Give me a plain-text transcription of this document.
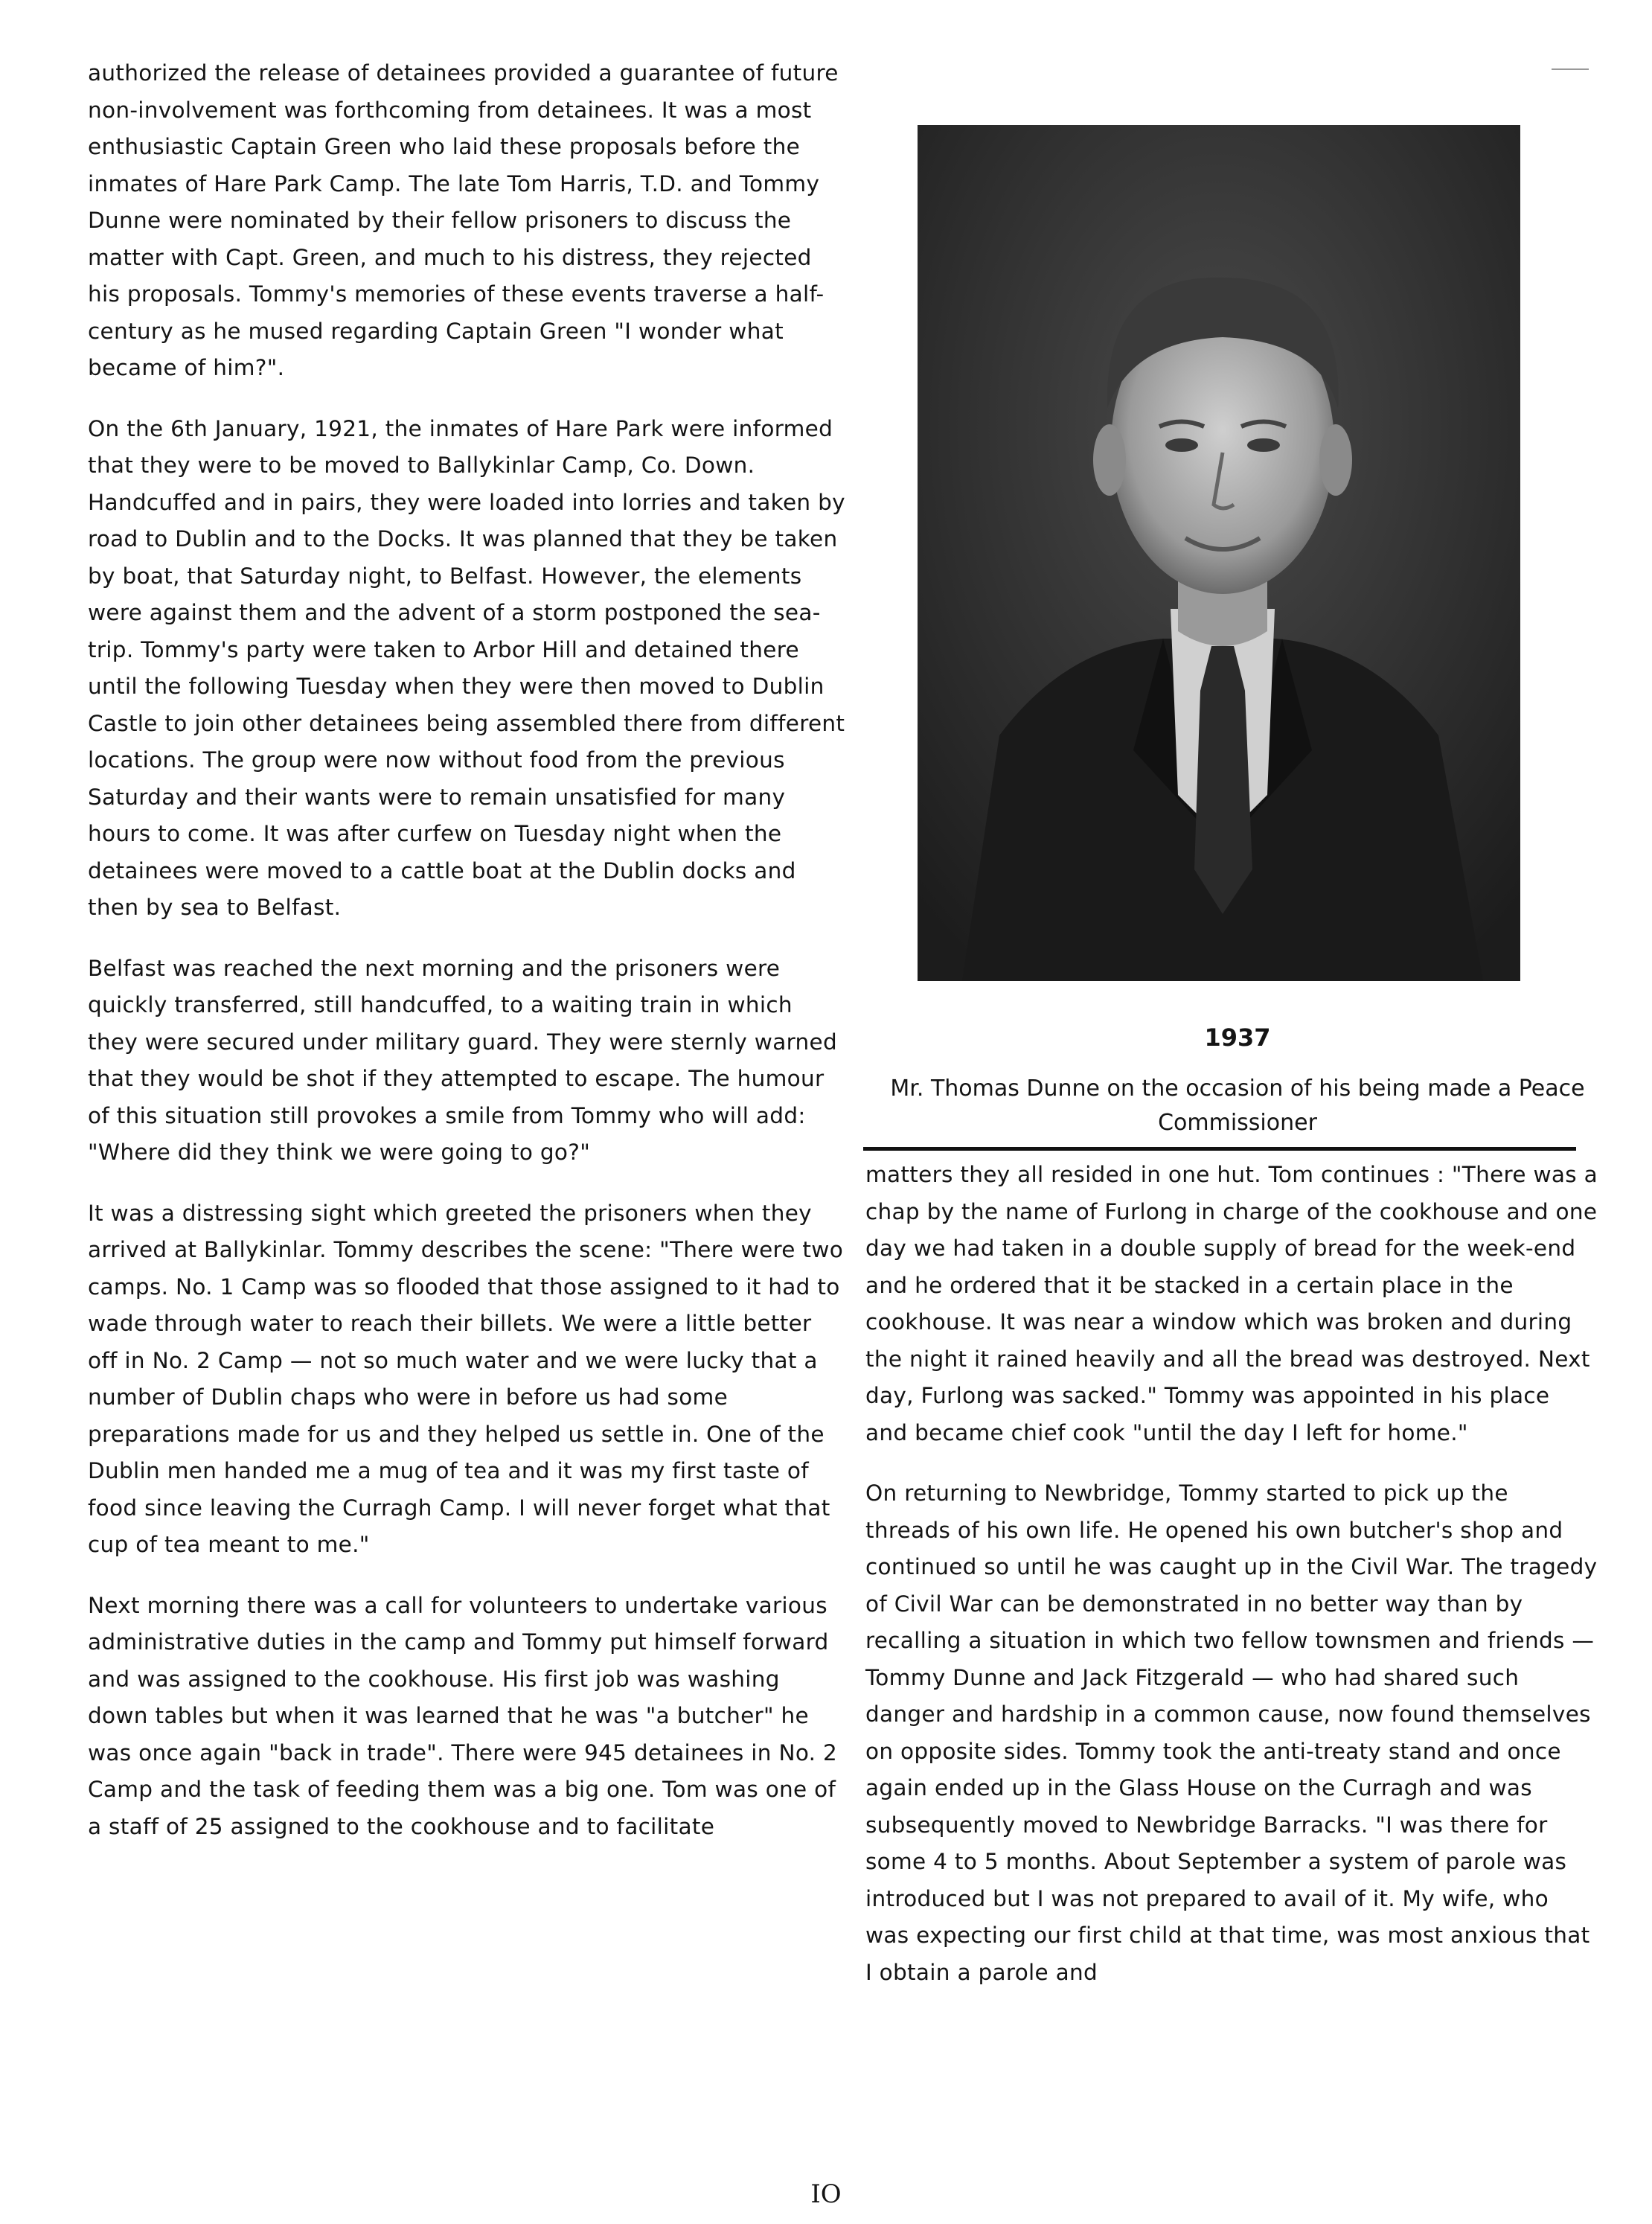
authorized the release of detainees provided a guarantee of future non-involvement was forthcoming from detainees. It was a most enthusiastic Captain Green who laid these proposals before the inmates of Hare Park Camp. The late Tom Harris, T.D. and Tommy Dunne were nominated by their fellow prisoners to discuss the matter with Capt. Green, and much to his distress, they rejected his proposals. Tommy's memories of these events traverse a half-century as he mused regarding Captain Green "I wonder what became of him?".

On the 6th January, 1921, the inmates of Hare Park were informed that they were to be moved to Ballykinlar Camp, Co. Down. Handcuffed and in pairs, they were loaded into lorries and taken by road to Dublin and to the Docks. It was planned that they be taken by boat, that Saturday night, to Belfast. However, the elements were against them and the advent of a storm postponed the sea-trip. Tommy's party were taken to Arbor Hill and detained there until the following Tuesday when they were then moved to Dublin Castle to join other detainees being assembled there from different locations. The group were now without food from the previous Saturday and their wants were to remain unsatisfied for many hours to come. It was after curfew on Tuesday night when the detainees were moved to a cattle boat at the Dublin docks and then by sea to Belfast.

Belfast was reached the next morning and the prisoners were quickly transferred, still handcuffed, to a waiting train in which they were secured under military guard. They were sternly warned that they would be shot if they attempted to escape. The humour of this situation still provokes a smile from Tommy who will add: "Where did they think we were going to go?"

It was a distressing sight which greeted the prisoners when they arrived at Ballykinlar. Tommy describes the scene: "There were two camps. No. 1 Camp was so flooded that those assigned to it had to wade through water to reach their billets. We were a little better off in No. 2 Camp — not so much water and we were lucky that a number of Dublin chaps who were in before us had some preparations made for us and they helped us settle in. One of the Dublin men handed me a mug of tea and it was my first taste of food since leaving the Curragh Camp. I will never forget what that cup of tea meant to me."

Next morning there was a call for volunteers to undertake various administrative duties in the camp and Tommy put himself forward and was assigned to the cookhouse. His first job was washing down tables but when it was learned that he was "a butcher" he was once again "back in trade". There were 945 detainees in No. 2 Camp and the task of feeding them was a big one. Tom was one of a staff of 25 assigned to the cookhouse and to facilitate

1937
Mr. Thomas Dunne on the occasion of his being made a Peace Commissioner

matters they all resided in one hut. Tom continues : "There was a chap by the name of Furlong in charge of the cookhouse and one day we had taken in a double supply of bread for the week-end and he ordered that it be stacked in a certain place in the cookhouse. It was near a window which was broken and during the night it rained heavily and all the bread was destroyed. Next day, Furlong was sacked." Tommy was appointed in his place and became chief cook "until the day I left for home."

On returning to Newbridge, Tommy started to pick up the threads of his own life. He opened his own butcher's shop and continued so until he was caught up in the Civil War. The tragedy of Civil War can be demonstrated in no better way than by recalling a situation in which two fellow townsmen and friends — Tommy Dunne and Jack Fitzgerald — who had shared such danger and hardship in a common cause, now found themselves on opposite sides. Tommy took the anti-treaty stand and once again ended up in the Glass House on the Curragh and was subsequently moved to Newbridge Barracks. "I was there for some 4 to 5 months. About September a system of parole was introduced but I was not prepared to avail of it. My wife, who was expecting our first child at that time, was most anxious that I obtain a parole and

IO
